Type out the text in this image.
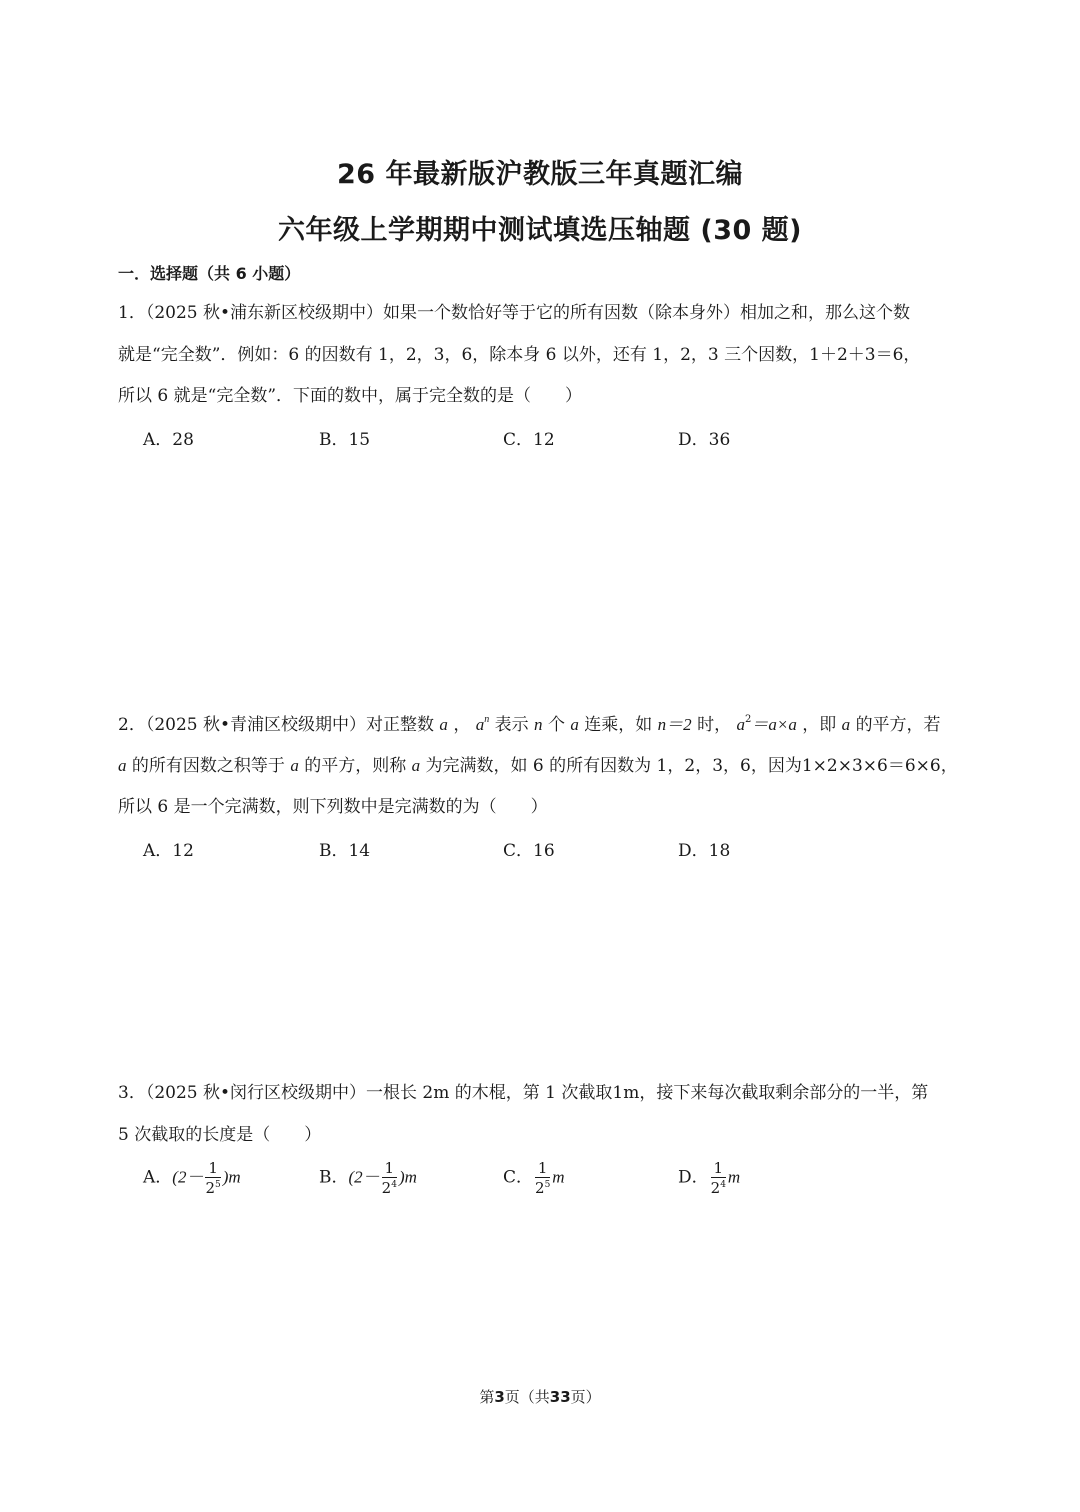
26 年最新版沪教版三年真题汇编
六年级上学期期中测试填选压轴题 (30 题)
一．选择题（共 6 小题）
1．（2025 秋•浦东新区校级期中）如果一个数恰好等于它的所有因数（除本身外）相加之和，那么这个数
就是“完全数”．例如：6 的因数有 1，2，3，6，除本身 6 以外，还有 1，2，3 三个因数，1＋2＋3＝6，
所以 6 就是“完全数”．下面的数中，属于完全数的是（　　）
A．28	B．15	C．12	D．36
2．（2025 秋•青浦区校级期中）对正整数 a ， $a^n$ 表示 n 个 a 连乘，如 n＝2 时， $a^2=a\times a$ ，即 a 的平方，若
a 的所有因数之积等于 a 的平方，则称 a 为完满数，如 6 的所有因数为 1，2，3，6，因为1×2×3×6＝6×6，
所以 6 是一个完满数，则下列数中是完满数的为（　　）
A．12	B．14	C．16	D．18
3．（2025 秋•闵行区校级期中）一根长 2m 的木棍，第 1 次截取1m，接下来每次截取剩余部分的一半，第
5 次截取的长度是（　　）
A．$(2- \frac{1}{2^5} )m$	B．$(2- \frac{1}{2^4} )m$	C． $\frac{1}{2^5}$ m	D． $\frac{1}{2^4}$ m
第3页（共33页）
